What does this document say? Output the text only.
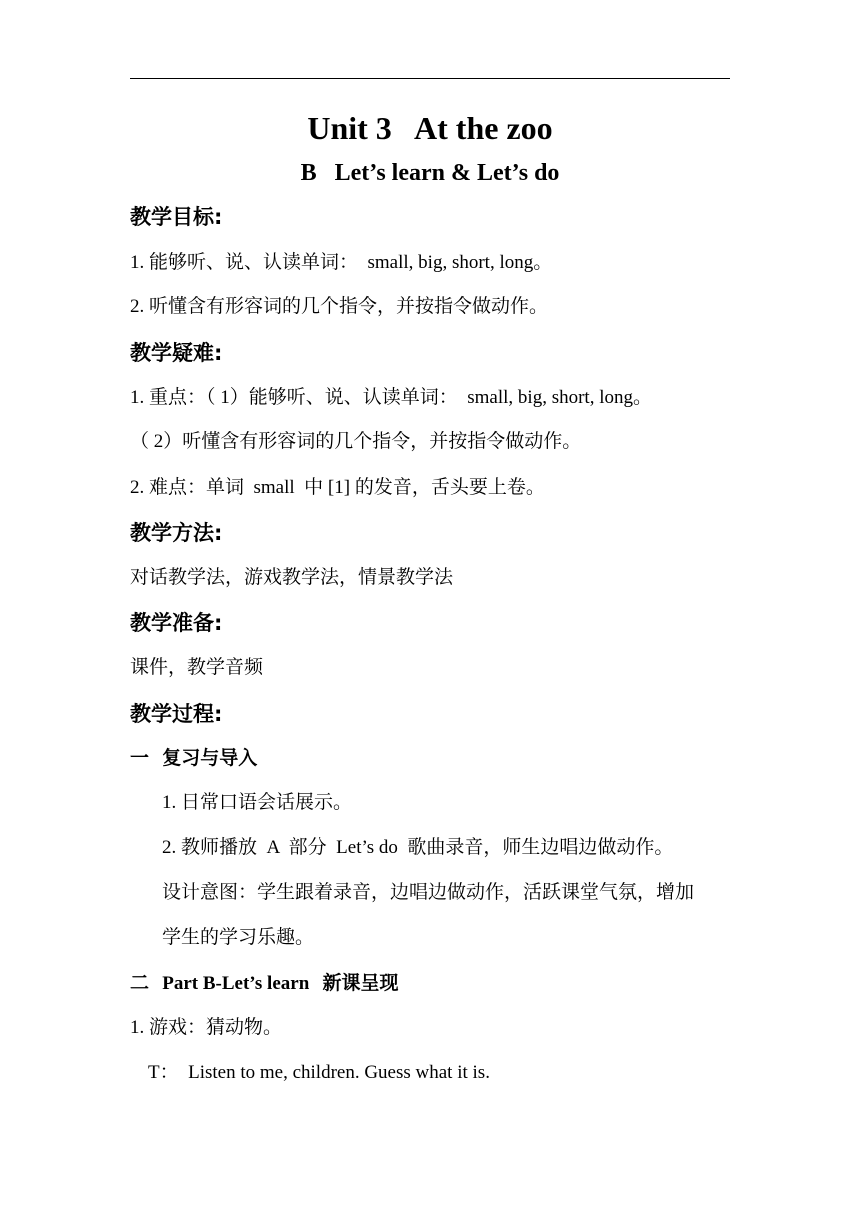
Unit 3   At the zoo
B   Let’s learn & Let’s do
教学目标:
1. 能够听、说、认读单词：  small, big, short, long。
2. 听懂含有形容词的几个指令，并按指令做动作。
教学疑难:
1. 重点：（ 1）能够听、说、认读单词：  small, big, short, long。
（ 2）听懂含有形容词的几个指令，并按指令做动作。
2. 难点：单词  small  中 [1] 的发音，舌头要上卷。
教学方法:
对话教学法，游戏教学法，情景教学法
教学准备:
课件，教学音频
教学过程:
一  复习与导入
1. 日常口语会话展示。
2. 教师播放  A  部分  Let’s do  歌曲录音，师生边唱边做动作。
设计意图：学生跟着录音，边唱边做动作，活跃课堂气氛，增加
学生的学习乐趣。
二  Part B-Let’s learn  新课呈现
1. 游戏：猜动物。
T：  Listen to me, children. Guess what it is.
